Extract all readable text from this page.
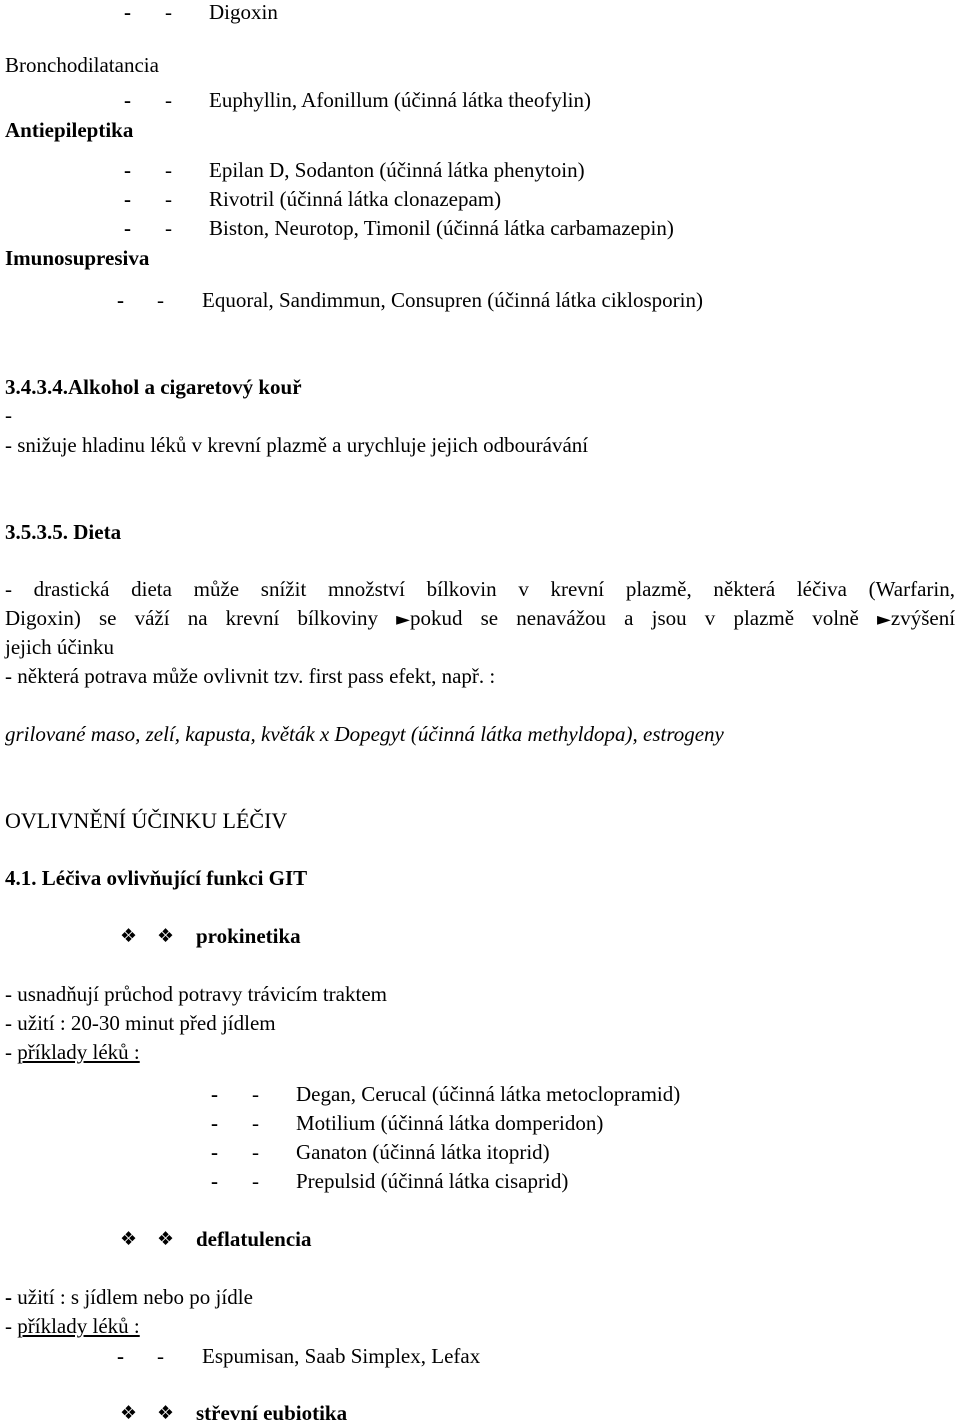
- - Digoxin
Bronchodilatancia
- - Euphyllin, Afonillum (účinná látka theofylin)
Antiepileptika
- - Epilan D, Sodanton (účinná látka phenytoin)
- - Rivotril (účinná látka clonazepam)
- - Biston, Neurotop, Timonil (účinná látka carbamazepin)
Imunosupresiva
- - Equoral, Sandimmun, Consupren (účinná látka ciklosporin)
3.4.3.4.Alkohol a cigaretový kouř
-
- snižuje hladinu léků v krevní plazmě a urychluje jejich odbourávání
3.5.3.5. Dieta
- drastická dieta může snížit množství bílkovin v krevní plazmě, některá léčiva (Warfarin,
Digoxin) se váží na krevní bílkoviny ►pokud se nenavážou a jsou v plazmě volně ►zvýšení
jejich účinku
- některá potrava může ovlivnit tzv. first pass efekt, např. :
grilované maso, zelí, kapusta, květák x Dopegyt (účinná látka methyldopa), estrogeny
OVLIVNĚNÍ ÚČINKU LÉČIV
4.1. Léčiva ovlivňující funkci GIT
❖ ❖ prokinetika
- usnadňují průchod potravy trávicím traktem
- užití : 20-30 minut před jídlem
- příklady léků :
- - Degan, Cerucal (účinná látka metoclopramid)
- - Motilium (účinná látka domperidon)
- - Ganaton (účinná látka itoprid)
- - Prepulsid (účinná látka cisaprid)
❖ ❖ deflatulencia
- užití : s jídlem nebo po jídle
- příklady léků :
- - Espumisan, Saab Simplex, Lefax
❖ ❖ střevní eubiotika
